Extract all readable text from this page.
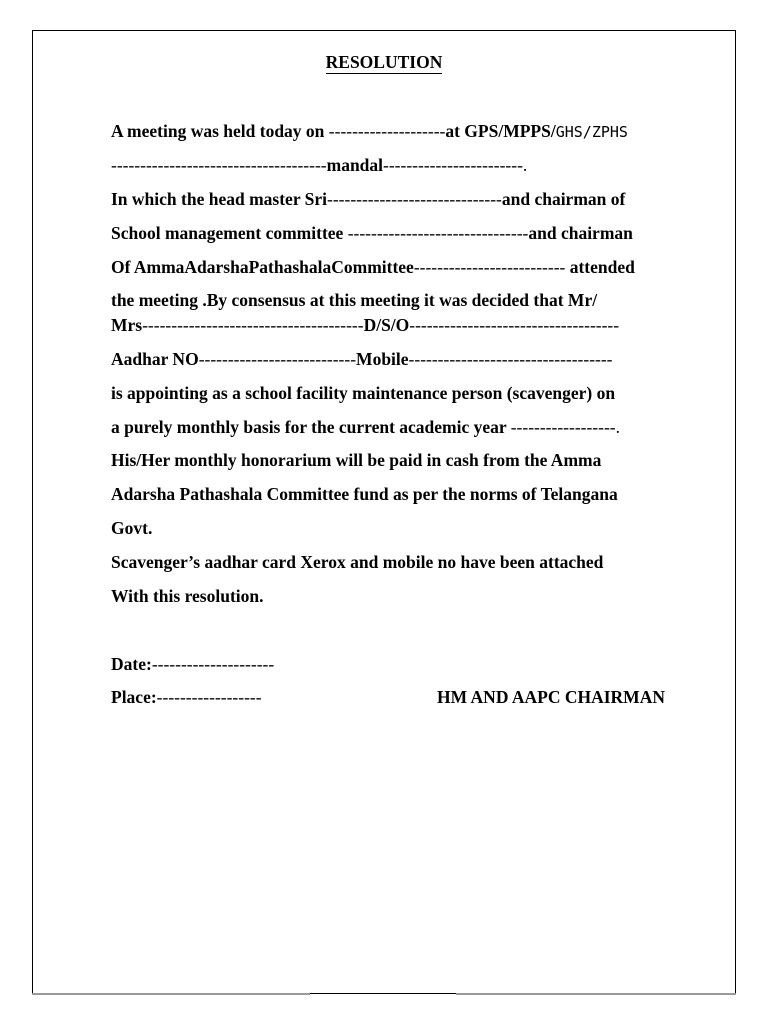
RESOLUTION
A meeting was held today on --------------------at GPS/MPPS/GHS/ZPHS
-------------------------------------mandal------------------------.
In which the head master Sri------------------------------and chairman of
School management committee -------------------------------and chairman
Of AmmaAdarshaPathashalaCommittee-------------------------- attended
the meeting .By consensus at this meeting it was decided that Mr/
Mrs--------------------------------------D/S/O------------------------------------
Aadhar NO---------------------------Mobile-----------------------------------
is appointing as a school facility maintenance person (scavenger) on
a purely monthly basis for the current academic year ------------------.
His/Her monthly honorarium will be paid in cash from the Amma
Adarsha Pathashala Committee fund as per the norms of Telangana
Govt.
Scavenger’s aadhar card Xerox and mobile no have been attached
With this resolution.
Date:---------------------
Place:------------------	HM AND AAPC CHAIRMAN
